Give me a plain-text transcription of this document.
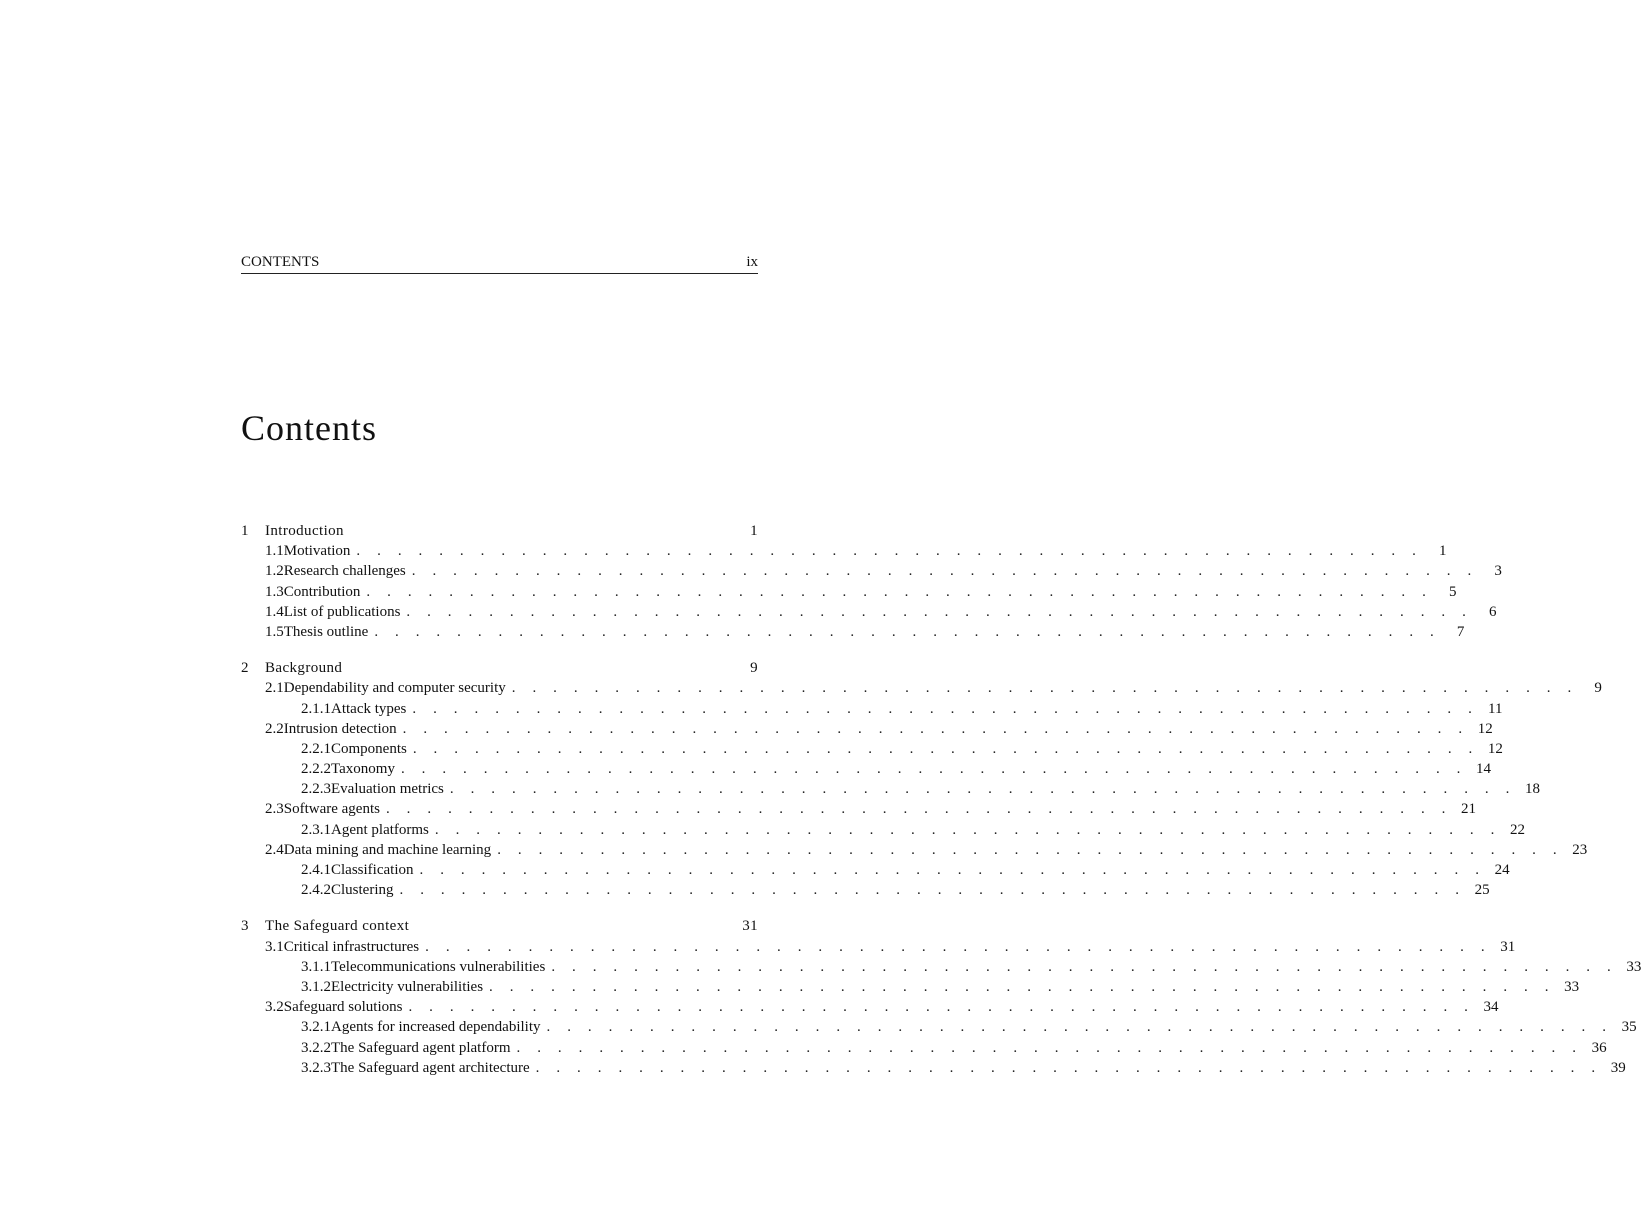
CONTENTS	ix
Contents
1	Introduction	1
1.1 Motivation . . . . . . . . . . . . . . . . . . . . . . . . . . . . . . . . . . . . . . . . . . . . . . . . . . . .	1
1.2 Research challenges . . . . . . . . . . . . . . . . . . . . . . . . . . . . . . . . . . . . . . . . . . . . . . . . . . . .	3
1.3 Contribution . . . . . . . . . . . . . . . . . . . . . . . . . . . . . . . . . . . . . . . . . . . . . . . . . . . .	5
1.4 List of publications . . . . . . . . . . . . . . . . . . . . . . . . . . . . . . . . . . . . . . . . . . . . . . . . . . . .	6
1.5 Thesis outline . . . . . . . . . . . . . . . . . . . . . . . . . . . . . . . . . . . . . . . . . . . . . . . . . . . .	7
2	Background	9
2.1 Dependability and computer security . . . . . . . . . . . . . . . . . . . . . . . . . . . . . . . . . . . . . . . . . . . . . . . . . . . .	9
2.1.1 Attack types . . . . . . . . . . . . . . . . . . . . . . . . . . . . . . . . . . . . . . . . . . . . . . . . . . . . 11
2.2 Intrusion detection . . . . . . . . . . . . . . . . . . . . . . . . . . . . . . . . . . . . . . . . . . . . . . . . . . . . 12
2.2.1 Components . . . . . . . . . . . . . . . . . . . . . . . . . . . . . . . . . . . . . . . . . . . . . . . . . . . . 12
2.2.2 Taxonomy . . . . . . . . . . . . . . . . . . . . . . . . . . . . . . . . . . . . . . . . . . . . . . . . . . . . 14
2.2.3 Evaluation metrics . . . . . . . . . . . . . . . . . . . . . . . . . . . . . . . . . . . . . . . . . . . . . . . . . . . . 18
2.3 Software agents . . . . . . . . . . . . . . . . . . . . . . . . . . . . . . . . . . . . . . . . . . . . . . . . . . . . 21
2.3.1 Agent platforms . . . . . . . . . . . . . . . . . . . . . . . . . . . . . . . . . . . . . . . . . . . . . . . . . . . . 22
2.4 Data mining and machine learning . . . . . . . . . . . . . . . . . . . . . . . . . . . . . . . . . . . . . . . . . . . . . . . . . . . . 23
2.4.1 Classification . . . . . . . . . . . . . . . . . . . . . . . . . . . . . . . . . . . . . . . . . . . . . . . . . . . . 24
2.4.2 Clustering . . . . . . . . . . . . . . . . . . . . . . . . . . . . . . . . . . . . . . . . . . . . . . . . . . . . 25
3	The Safeguard context	31
3.1 Critical infrastructures . . . . . . . . . . . . . . . . . . . . . . . . . . . . . . . . . . . . . . . . . . . . . . . . . . . . 31
3.1.1 Telecommunications vulnerabilities . . . . . . . . . . . . . . . . . . . . . . . . . . . . . . . . . . . . . . . . . . . . . . . . . . . . 33
3.1.2 Electricity vulnerabilities . . . . . . . . . . . . . . . . . . . . . . . . . . . . . . . . . . . . . . . . . . . . . . . . . . . . 33
3.2 Safeguard solutions . . . . . . . . . . . . . . . . . . . . . . . . . . . . . . . . . . . . . . . . . . . . . . . . . . . . 34
3.2.1 Agents for increased dependability . . . . . . . . . . . . . . . . . . . . . . . . . . . . . . . . . . . . . . . . . . . . . . . . . . . . 35
3.2.2 The Safeguard agent platform . . . . . . . . . . . . . . . . . . . . . . . . . . . . . . . . . . . . . . . . . . . . . . . . . . . . 36
3.2.3 The Safeguard agent architecture . . . . . . . . . . . . . . . . . . . . . . . . . . . . . . . . . . . . . . . . . . . . . . . . . . . . 39
